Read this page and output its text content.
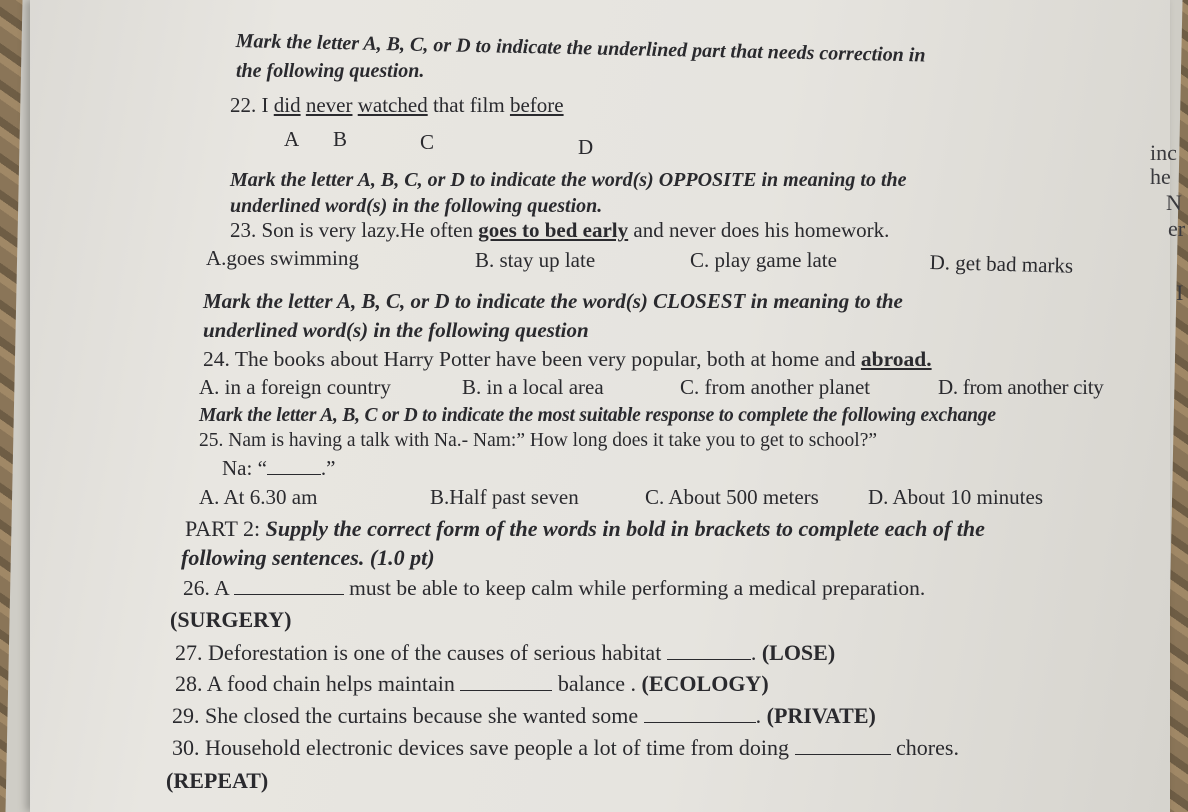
Mark the letter A, B, C, or D to indicate the underlined part that needs correction in
the following question.
22. I did never watched that film before
A B	C	D
Mark the letter A, B, C, or D to indicate the word(s) OPPOSITE in meaning to the
underlined word(s) in the following question.
23. Son is very lazy.He often goes to bed early and never does his homework.
A.goes swimming	B. stay up late	C. play game late	D. get bad marks
Mark the letter A, B, C, or D to indicate the word(s) CLOSEST in meaning to the
underlined word(s) in the following question
24. The books about Harry Potter have been very popular, both at home and abroad.
A. in a foreign country	B. in a local area	C. from another planet	D. from another city
Mark the letter A, B, C or D to indicate the most suitable response to complete the following exchange
25. Nam is having a talk with Na.- Nam:” How long does it take you to get to school?”
Na: “	.”
A. At 6.30 am	B.Half past seven	C. About 500 meters D. About 10 minutes
PART 2: Supply the correct form of the words in bold in brackets to complete each of the
following sentences. (1.0 pt)
26. A	must be able to keep calm while performing a medical preparation.
(SURGERY)
27. Deforestation is one of the causes of serious habitat	. (LOSE)
28. A food chain helps maintain	balance . (ECOLOGY)
29. She closed the curtains because she wanted some	. (PRIVATE)
30. Household electronic devices save people a lot of time from doing	chores.
(REPEAT)
inc
he
N
er
I
